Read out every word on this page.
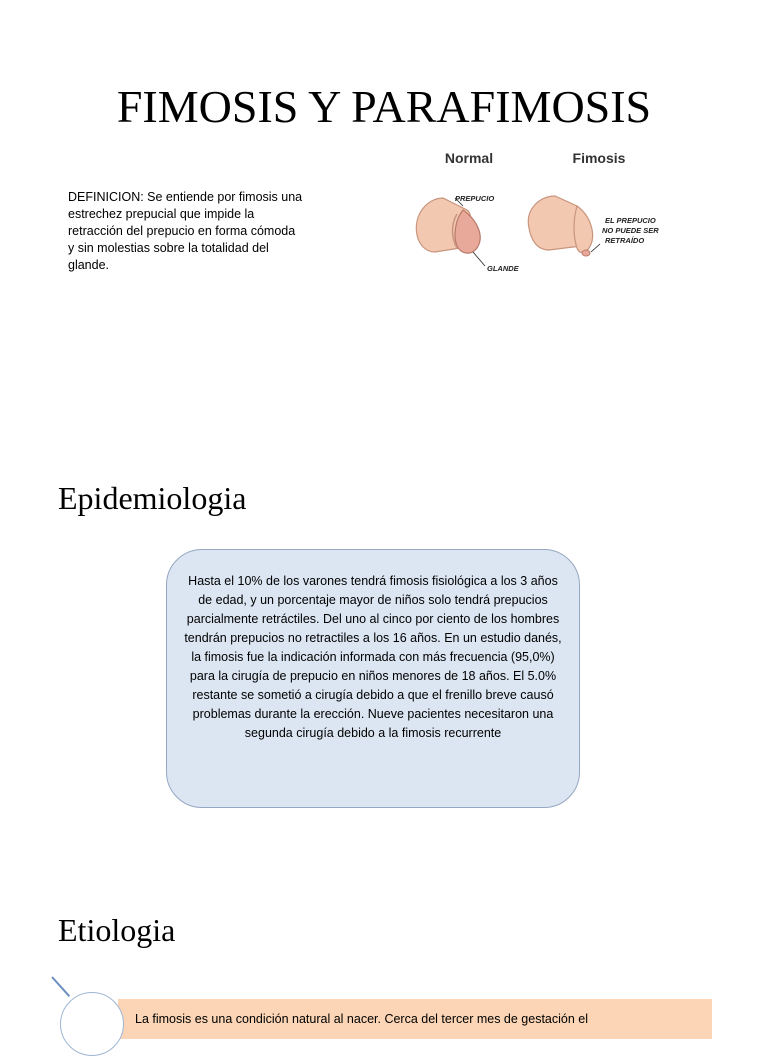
FIMOSIS Y PARAFIMOSIS
DEFINICION: Se entiende por fimosis una estrechez prepucial que impide la retracción del prepucio en forma cómoda y sin molestias sobre la totalidad del glande.
Normal	Fimosis
PREPUCIO
GLANDE
EL PREPUCIO
NO PUEDE SER
RETRAÍDO
Epidemiologia
Hasta el 10% de los varones tendrá fimosis fisiológica a los 3 años de edad, y un porcentaje mayor de niños solo tendrá prepucios parcialmente retráctiles. Del uno al cinco por ciento de los hombres tendrán prepucios no retractiles a los 16 años. En un estudio danés, la fimosis fue la indicación informada con más frecuencia (95,0%) para la cirugía de prepucio en niños menores de 18 años. El 5.0% restante se sometió a cirugía debido a que el frenillo breve causó problemas durante la erección. Nueve pacientes necesitaron una segunda cirugía debido a la fimosis recurrente
Etiologia
La fimosis es una condición natural al nacer. Cerca del tercer mes de gestación el
